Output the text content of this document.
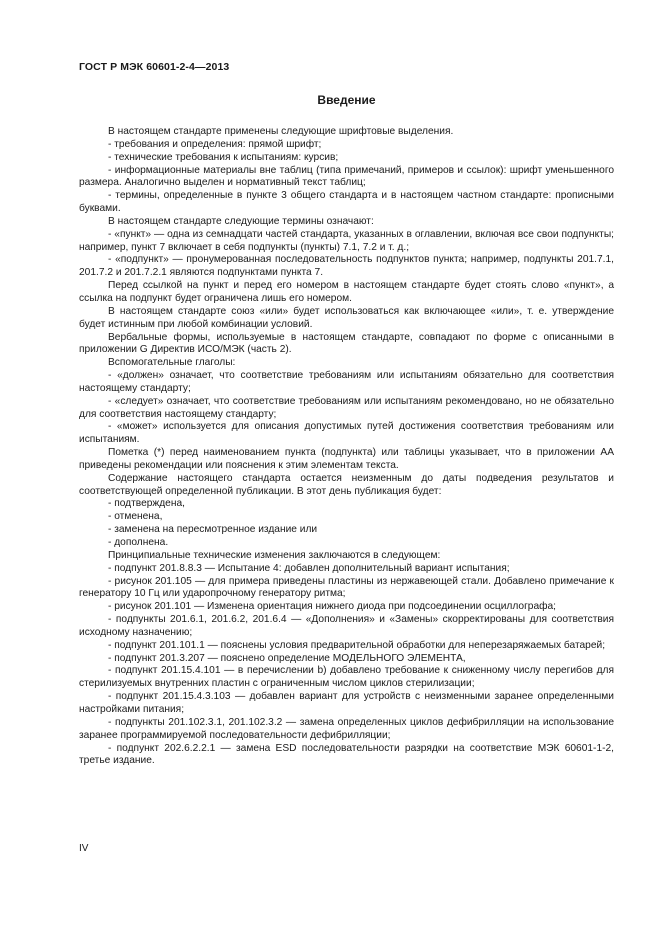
ГОСТ Р МЭК 60601-2-4—2013
Введение

В настоящем стандарте применены следующие шрифтовые выделения.

- требования и определения: прямой шрифт;

- технические требования к испытаниям: курсив;

- информационные материалы вне таблиц (типа примечаний, примеров и ссылок): шрифт уменьшенного размера. Аналогично выделен и нормативный текст таблиц;

- термины, определенные в пункте 3 общего стандарта и в настоящем частном стандарте: прописными буквами.

В настоящем стандарте следующие термины означают:

- «пункт» — одна из семнадцати частей стандарта, указанных в оглавлении, включая все свои подпункты; например, пункт 7 включает в себя подпункты (пункты) 7.1, 7.2 и т. д.;

- «подпункт» — пронумерованная последовательность подпунктов пункта; например, подпункты 201.7.1, 201.7.2 и 201.7.2.1 являются подпунктами пункта 7.

Перед ссылкой на пункт и перед его номером в настоящем стандарте будет стоять слово «пункт», а ссылка на подпункт будет ограничена лишь его номером.

В настоящем стандарте союз «или» будет использоваться как включающее «или», т. е. утверждение будет истинным при любой комбинации условий.

Вербальные формы, используемые в настоящем стандарте, совпадают по форме с описанными в приложении G Директив ИСО/МЭК (часть 2).

Вспомогательные глаголы:

- «должен» означает, что соответствие требованиям или испытаниям обязательно для соответствия настоящему стандарту;

- «следует» означает, что соответствие требованиям или испытаниям рекомендовано, но не обязательно для соответствия настоящему стандарту;

- «может» используется для описания допустимых путей достижения соответствия требованиям или испытаниям.

Пометка (*) перед наименованием пункта (подпункта) или таблицы указывает, что в приложении АА приведены рекомендации или пояснения к этим элементам текста.

Содержание настоящего стандарта остается неизменным до даты подведения результатов и соответствующей определенной публикации. В этот день публикация будет:

- подтверждена,

- отменена,

- заменена на пересмотренное издание или

- дополнена.

Принципиальные технические изменения заключаются в следующем:

- подпункт 201.8.8.3 — Испытание 4: добавлен дополнительный вариант испытания;

- рисунок 201.105 — для примера приведены пластины из нержавеющей стали. Добавлено примечание к генератору 10 Гц или ударопрочному генератору ритма;

- рисунок 201.101 — Изменена ориентация нижнего диода при подсоединении осциллографа;

- подпункты 201.6.1, 201.6.2, 201.6.4 — «Дополнения» и «Замены» скорректированы для соответствия исходному назначению;

- подпункт 201.101.1 — пояснены условия предварительной обработки для неперезаряжаемых батарей;

- подпункт 201.3.207 — пояснено определение МОДЕЛЬНОГО ЭЛЕМЕНТА,

- подпункт 201.15.4.101 — в перечислении b) добавлено требование к сниженному числу перегибов для стерилизуемых внутренних пластин с ограниченным числом циклов стерилизации;

- подпункт 201.15.4.3.103 — добавлен вариант для устройств с неизменными заранее определенными настройками питания;

- подпункты 201.102.3.1, 201.102.3.2 — замена определенных циклов дефибрилляции на использование заранее программируемой последовательности дефибрилляции;

- подпункт 202.6.2.2.1 — замена ESD последовательности разрядки на соответствие МЭК 60601-1-2, третье издание.

IV
